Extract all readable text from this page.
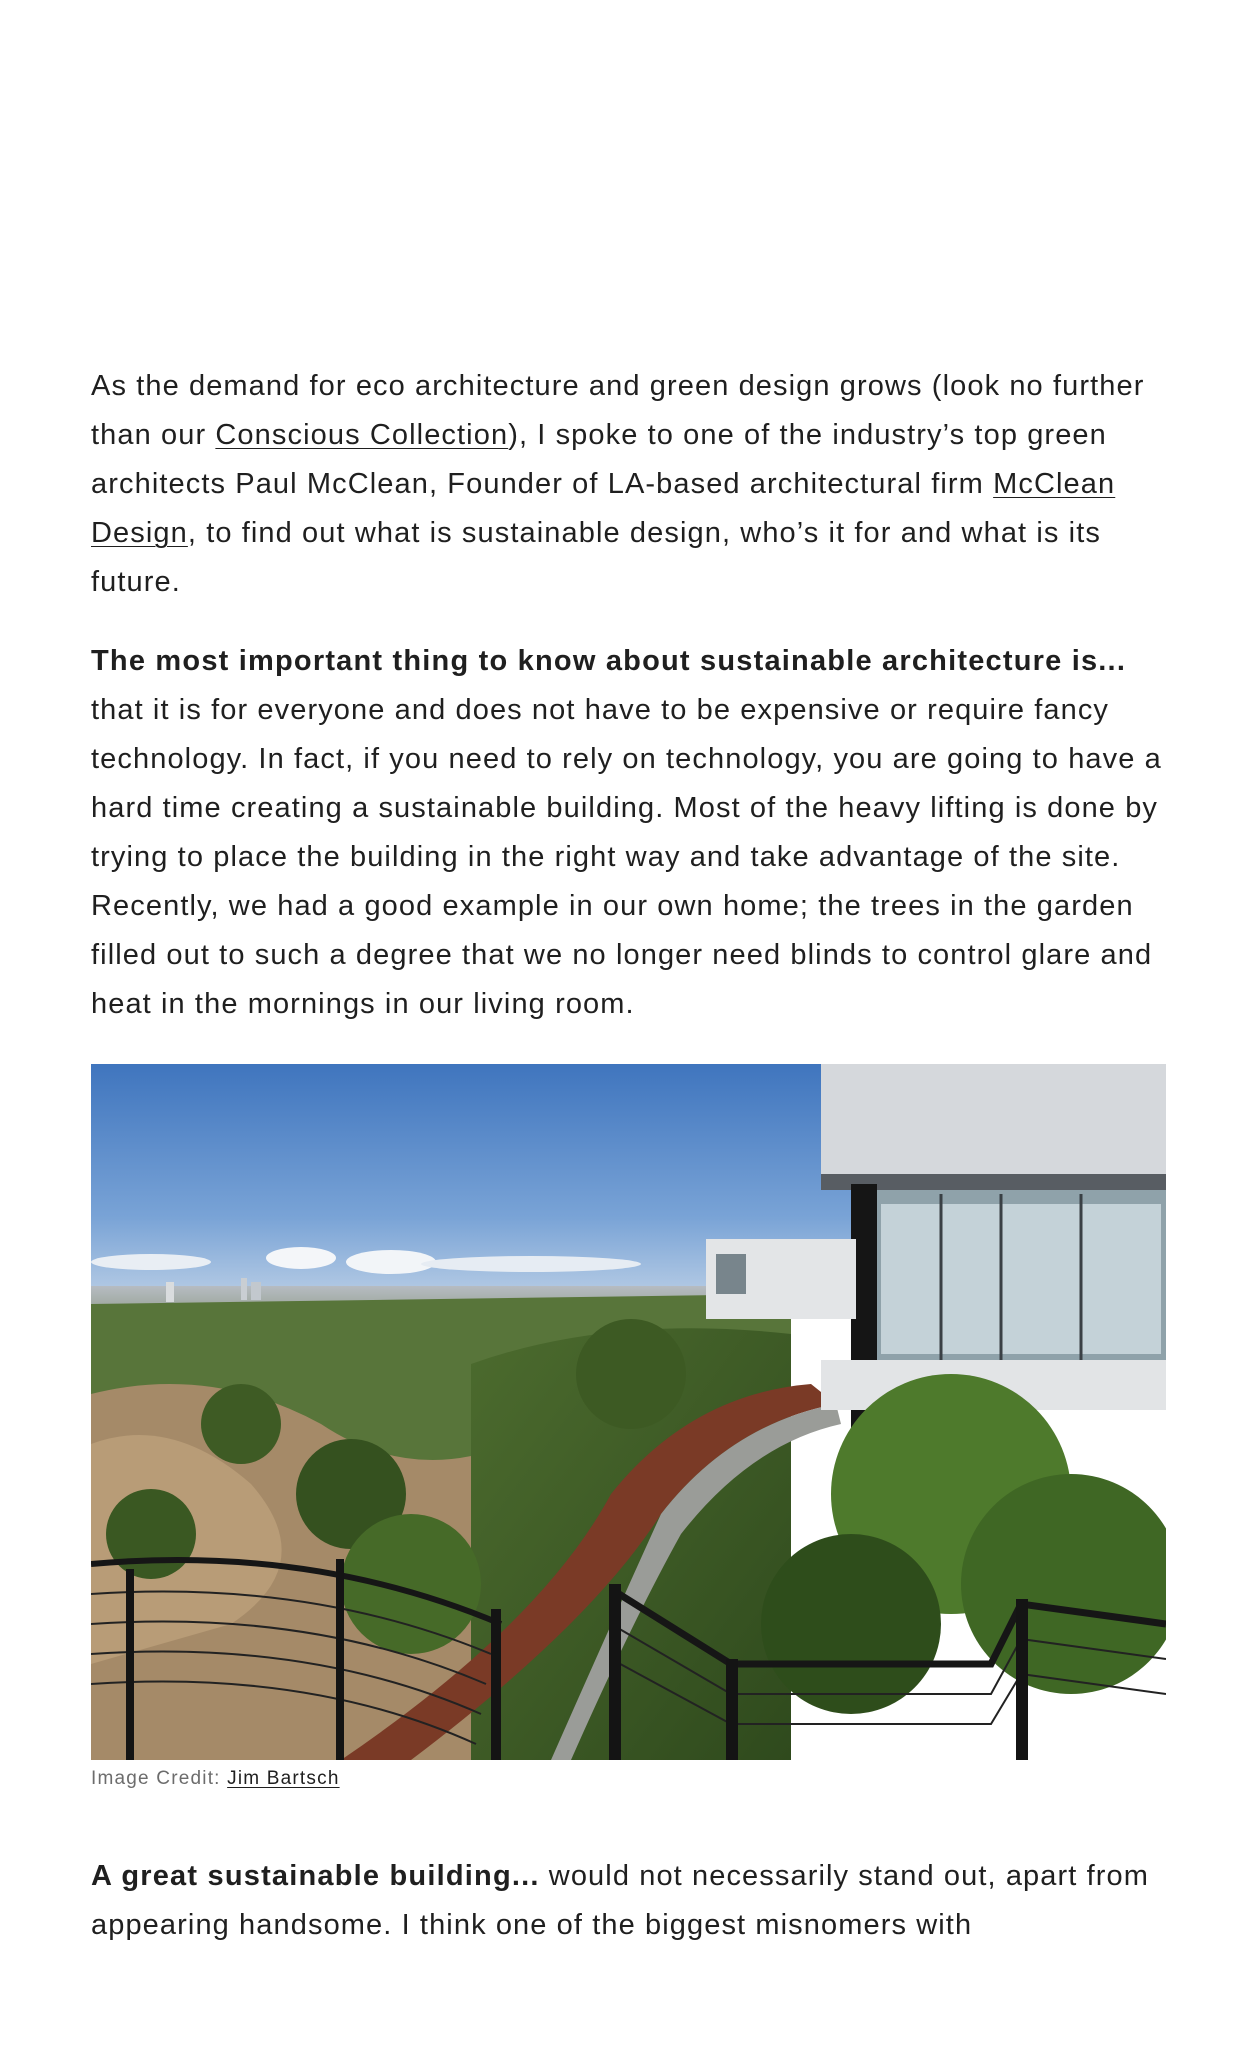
As the demand for eco architecture and green design grows (look no further than our Conscious Collection), I spoke to one of the industry’s top green architects Paul McClean, Founder of LA-based architectural firm McClean Design, to find out what is sustainable design, who’s it for and what is its future.

The most important thing to know about sustainable architecture is... that it is for everyone and does not have to be expensive or require fancy technology. In fact, if you need to rely on technology, you are going to have a hard time creating a sustainable building. Most of the heavy lifting is done by trying to place the building in the right way and take advantage of the site. Recently, we had a good example in our own home; the trees in the garden filled out to such a degree that we no longer need blinds to control glare and heat in the mornings in our living room.

Image Credit: Jim Bartsch

A great sustainable building... would not necessarily stand out, apart from appearing handsome. I think one of the biggest misnomers with
